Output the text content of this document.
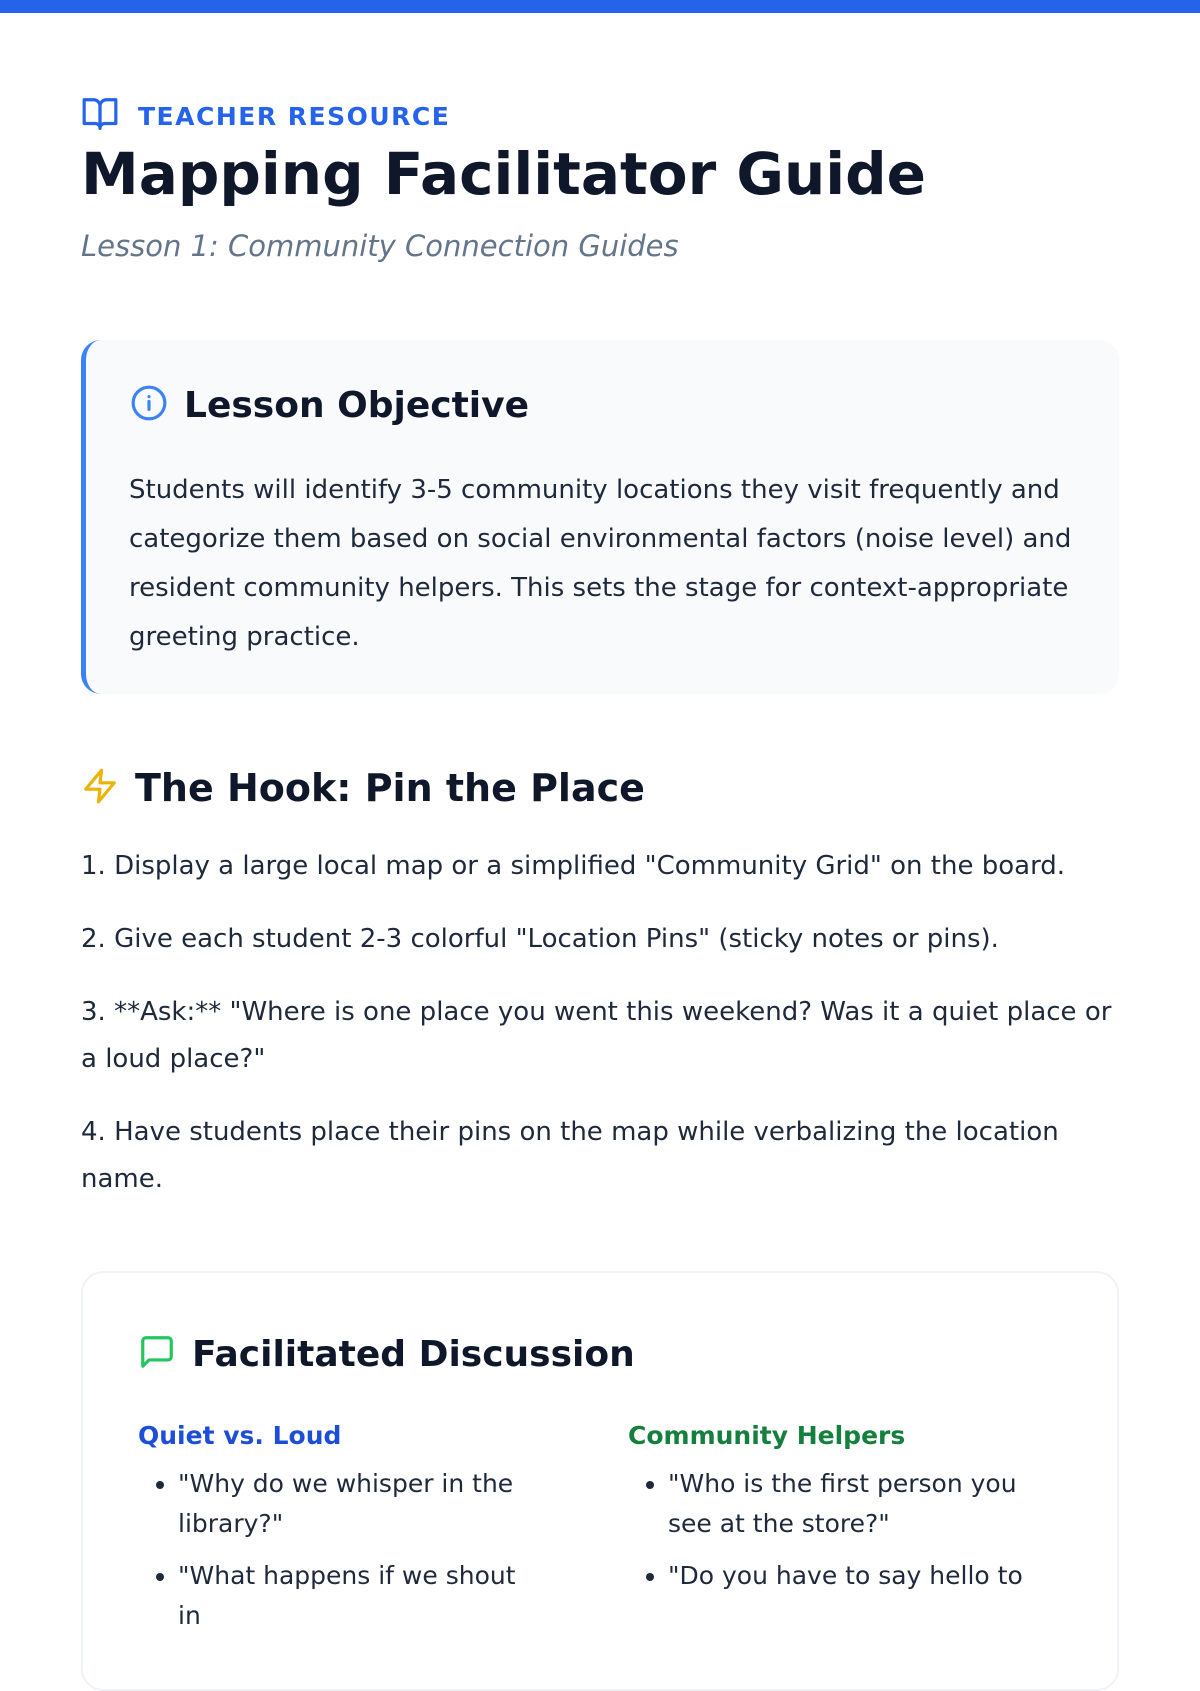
TEACHER RESOURCE
Mapping Facilitator Guide

Lesson 1: Community Connection Guides

Lesson Objective

Students will identify 3-5 community locations they visit frequently and categorize them based on social environmental factors (noise level) and resident community helpers. This sets the stage for context-appropriate greeting practice.

The Hook: Pin the Place
1. Display a large local map or a simplified "Community Grid" on the board.
2. Give each student 2-3 colorful "Location Pins" (sticky notes or pins).
3. **Ask:** "Where is one place you went this weekend? Was it a quiet place or a loud place?"
4. Have students place their pins on the map while verbalizing the location name.
Facilitated Discussion

Quiet vs. Loud

• "Why do we whisper in the library?"
• "What happens if we shout in

Community Helpers

• "Who is the first person you see at the store?"
• "Do you have to say hello to
